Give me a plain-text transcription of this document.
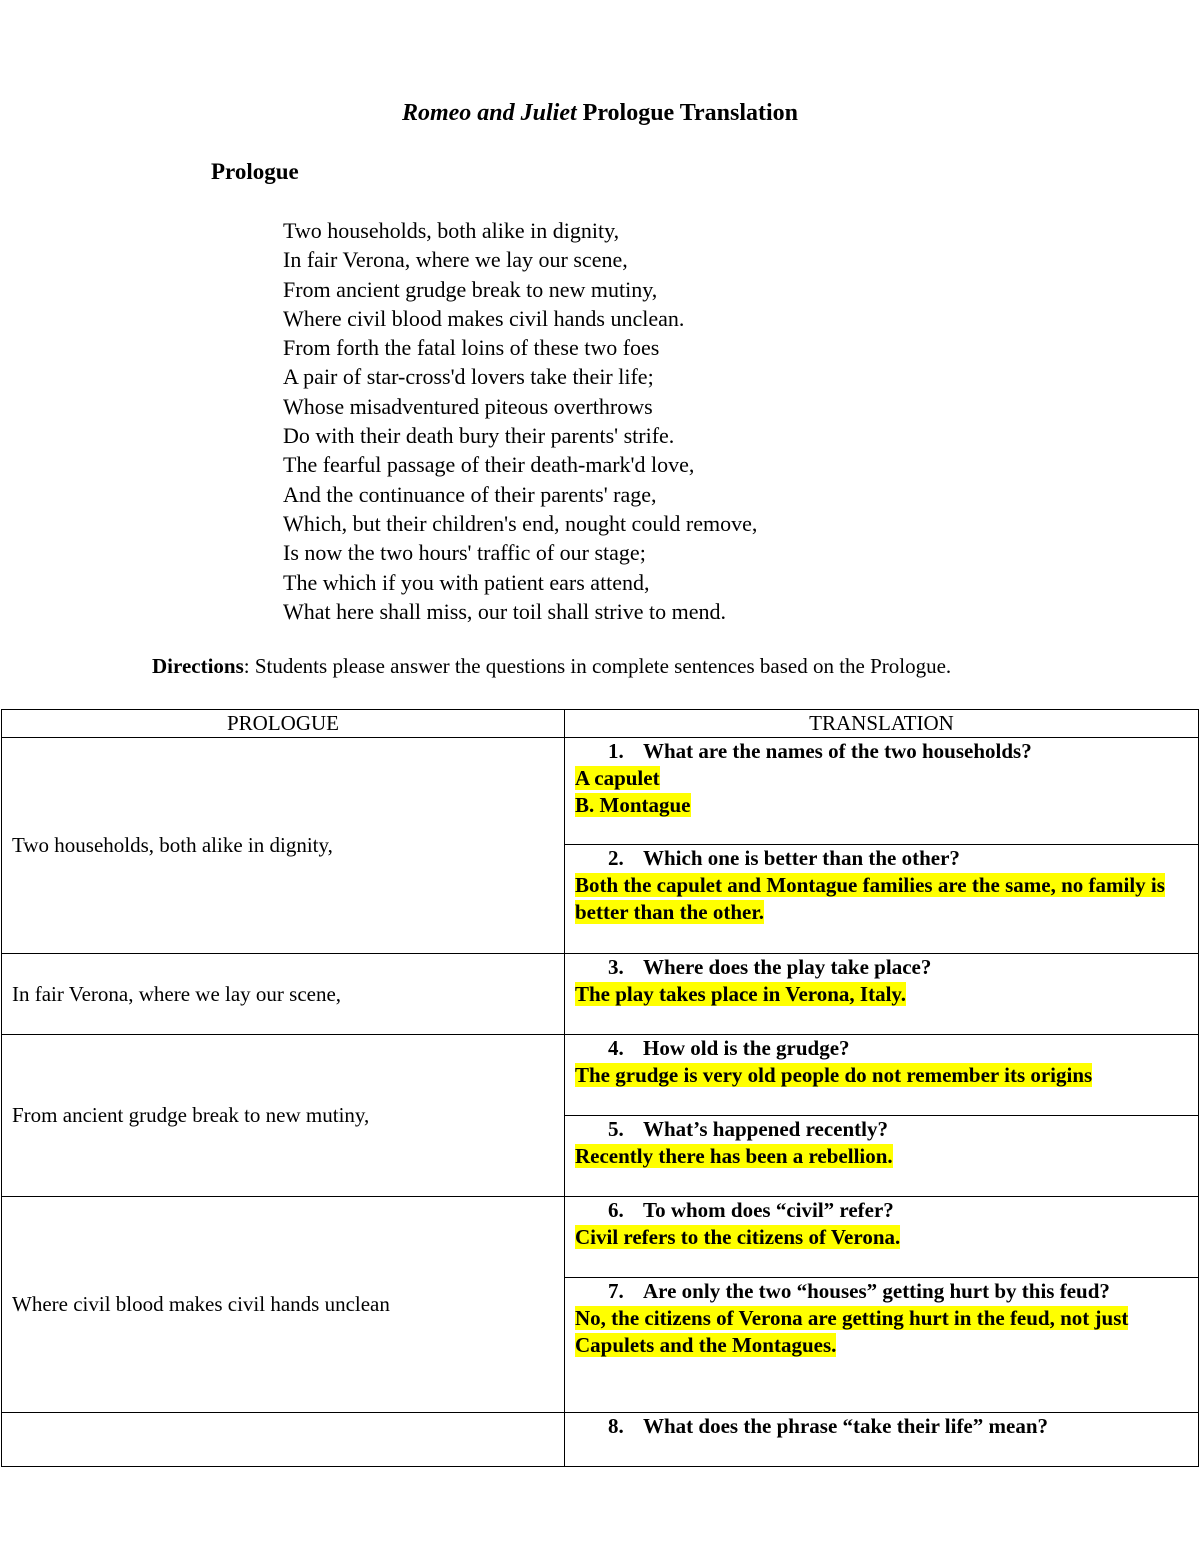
Romeo and Juliet Prologue Translation
Prologue
Two households, both alike in dignity,
In fair Verona, where we lay our scene,
From ancient grudge break to new mutiny,
Where civil blood makes civil hands unclean.
From forth the fatal loins of these two foes
A pair of star-cross'd lovers take their life;
Whose misadventured piteous overthrows
Do with their death bury their parents' strife.
The fearful passage of their death-mark'd love,
And the continuance of their parents' rage,
Which, but their children's end, nought could remove,
Is now the two hours' traffic of our stage;
The which if you with patient ears attend,
What here shall miss, our toil shall strive to mend.
Directions: Students please answer the questions in complete sentences based on the Prologue.
PROLOGUE	TRANSLATION
Two households, both alike in dignity,	1. What are the names of the two households?
A capulet
B. Montague

	2. Which one is better than the other?
Both the capulet and Montague families are the same, no family is better than the other.

In fair Verona, where we lay our scene,	3. Where does the play take place?
The play takes place in Verona, Italy.

From ancient grudge break to new mutiny,	4. How old is the grudge?
The grudge is very old people do not remember its origins

	5. What’s happened recently?
Recently there has been a rebellion.

Where civil blood makes civil hands unclean	6. To whom does “civil” refer?
Civil refers to the citizens of Verona.

	7. Are only the two “houses” getting hurt by this feud?
No, the citizens of Verona are getting hurt in the feud, not just Capulets and the Montagues.

	8. What does the phrase “take their life” mean?
